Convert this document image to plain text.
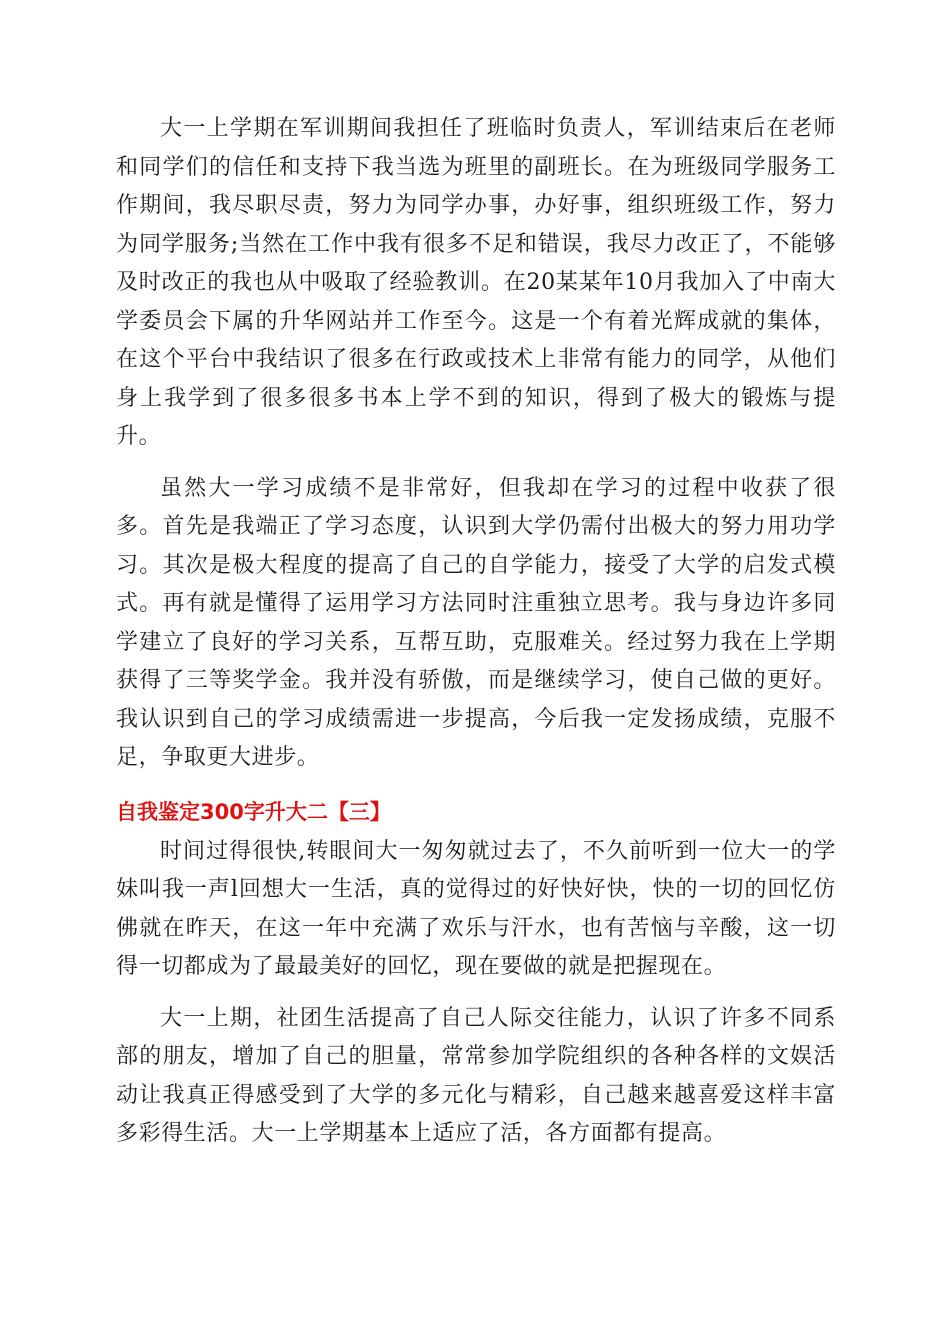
大一上学期在军训期间我担任了班临时负责人，军训结束后在老师和同学们的信任和支持下我当选为班里的副班长。在为班级同学服务工作期间，我尽职尽责，努力为同学办事，办好事，组织班级工作，努力为同学服务;当然在工作中我有很多不足和错误，我尽力改正了，不能够及时改正的我也从中吸取了经验教训。在20某某年10月我加入了中南大学委员会下属的升华网站并工作至今。这是一个有着光辉成就的集体，在这个平台中我结识了很多在行政或技术上非常有能力的同学，从他们身上我学到了很多很多书本上学不到的知识，得到了极大的锻炼与提升。

虽然大一学习成绩不是非常好，但我却在学习的过程中收获了很多。首先是我端正了学习态度，认识到大学仍需付出极大的努力用功学习。其次是极大程度的提高了自己的自学能力，接受了大学的启发式模式。再有就是懂得了运用学习方法同时注重独立思考。我与身边许多同学建立了良好的学习关系，互帮互助，克服难关。经过努力我在上学期获得了三等奖学金。我并没有骄傲，而是继续学习，使自己做的更好。我认识到自己的学习成绩需进一步提高，今后我一定发扬成绩，克服不足，争取更大进步。

自我鉴定300字升大二【三】

时间过得很快,转眼间大一匆匆就过去了，不久前听到一位大一的学妹叫我一声l回想大一生活，真的觉得过的好快好快，快的一切的回忆仿佛就在昨天，在这一年中充满了欢乐与汗水，也有苦恼与辛酸，这一切得一切都成为了最最美好的回忆，现在要做的就是把握现在。

大一上期，社团生活提高了自己人际交往能力，认识了许多不同系部的朋友，增加了自己的胆量，常常参加学院组织的各种各样的文娱活动让我真正得感受到了大学的多元化与精彩，自己越来越喜爱这样丰富多彩得生活。大一上学期基本上适应了活，各方面都有提高。
